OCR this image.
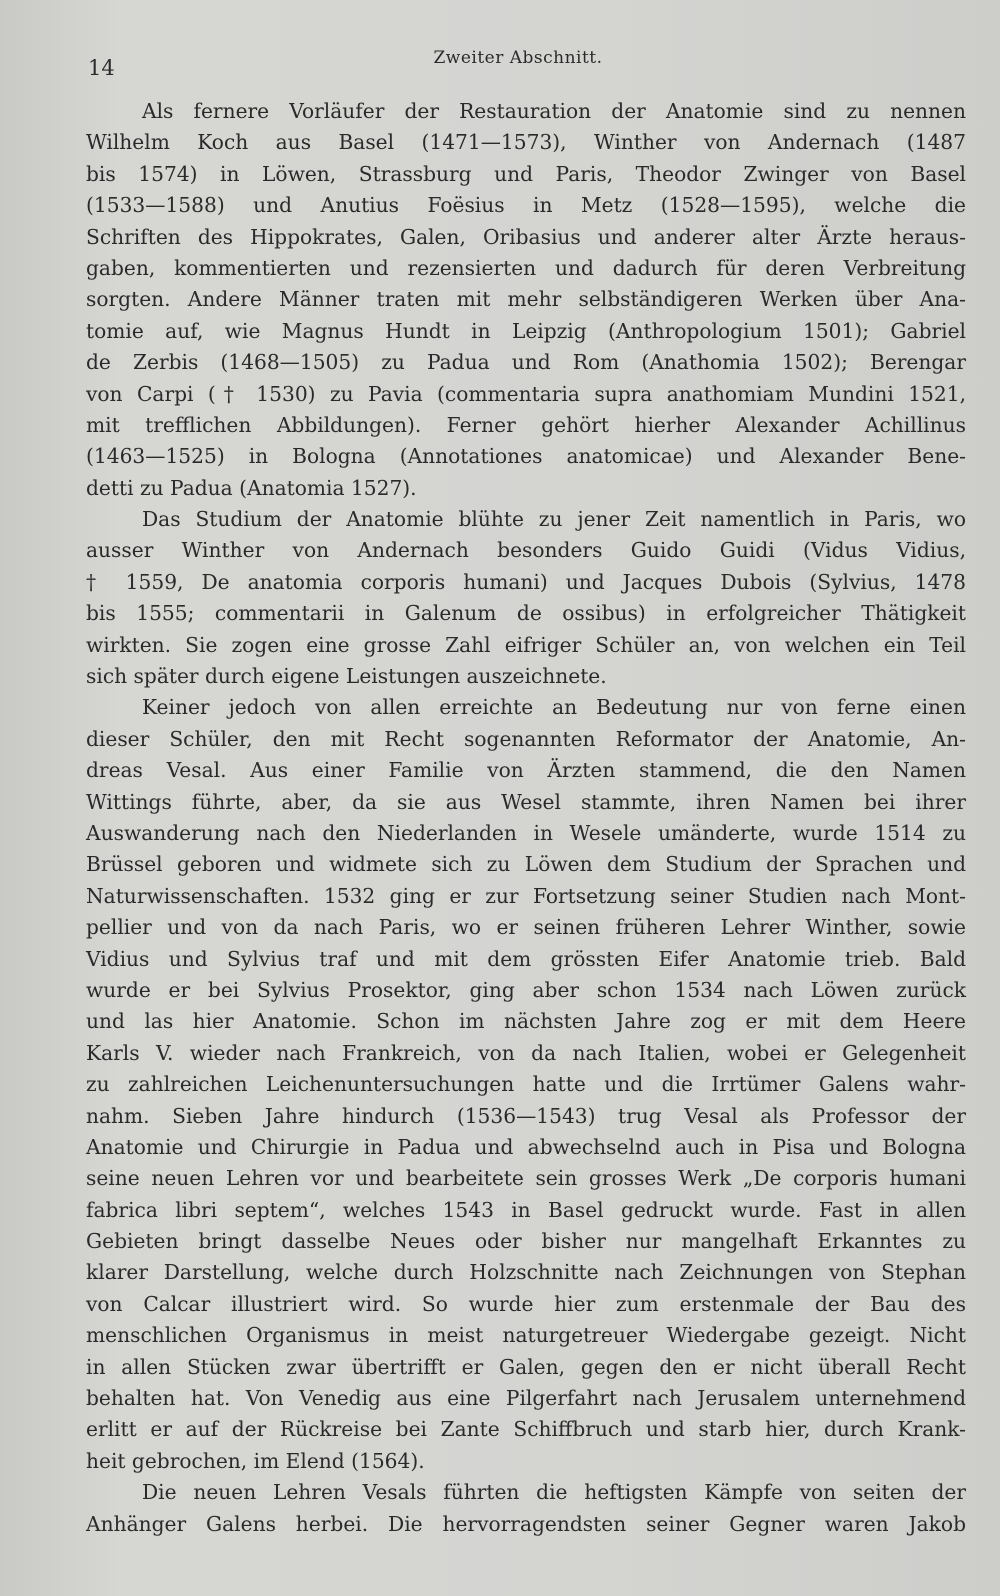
14	Zweiter Abschnitt.
Als fernere Vorläufer der Restauration der Anatomie sind zu nennen
Wilhelm Koch aus Basel (1471—1573), Winther von Andernach (1487
bis 1574) in Löwen, Strassburg und Paris, Theodor Zwinger von Basel
(1533—1588) und Anutius Foësius in Metz (1528—1595), welche die
Schriften des Hippokrates, Galen, Oribasius und anderer alter Ärzte heraus-
gaben, kommentierten und rezensierten und dadurch für deren Verbreitung
sorgten. Andere Männer traten mit mehr selbständigeren Werken über Ana-
tomie auf, wie Magnus Hundt in Leipzig (Anthropologium 1501); Gabriel
de Zerbis (1468—1505) zu Padua und Rom (Anathomia 1502); Berengar
von Carpi († 1530) zu Pavia (commentaria supra anathomiam Mundini 1521,
mit trefflichen Abbildungen). Ferner gehört hierher Alexander Achillinus
(1463—1525) in Bologna (Annotationes anatomicae) und Alexander Bene-
detti zu Padua (Anatomia 1527).
Das Studium der Anatomie blühte zu jener Zeit namentlich in Paris, wo
ausser Winther von Andernach besonders Guido Guidi (Vidus Vidius,
† 1559, De anatomia corporis humani) und Jacques Dubois (Sylvius, 1478
bis 1555; commentarii in Galenum de ossibus) in erfolgreicher Thätigkeit
wirkten. Sie zogen eine grosse Zahl eifriger Schüler an, von welchen ein Teil
sich später durch eigene Leistungen auszeichnete.
Keiner jedoch von allen erreichte an Bedeutung nur von ferne einen
dieser Schüler, den mit Recht sogenannten Reformator der Anatomie, An-
dreas Vesal. Aus einer Familie von Ärzten stammend, die den Namen
Wittings führte, aber, da sie aus Wesel stammte, ihren Namen bei ihrer
Auswanderung nach den Niederlanden in Wesele umänderte, wurde 1514 zu
Brüssel geboren und widmete sich zu Löwen dem Studium der Sprachen und
Naturwissenschaften. 1532 ging er zur Fortsetzung seiner Studien nach Mont-
pellier und von da nach Paris, wo er seinen früheren Lehrer Winther, sowie
Vidius und Sylvius traf und mit dem grössten Eifer Anatomie trieb. Bald
wurde er bei Sylvius Prosektor, ging aber schon 1534 nach Löwen zurück
und las hier Anatomie. Schon im nächsten Jahre zog er mit dem Heere
Karls V. wieder nach Frankreich, von da nach Italien, wobei er Gelegenheit
zu zahlreichen Leichenuntersuchungen hatte und die Irrtümer Galens wahr-
nahm. Sieben Jahre hindurch (1536—1543) trug Vesal als Professor der
Anatomie und Chirurgie in Padua und abwechselnd auch in Pisa und Bologna
seine neuen Lehren vor und bearbeitete sein grosses Werk „De corporis humani
fabrica libri septem“, welches 1543 in Basel gedruckt wurde. Fast in allen
Gebieten bringt dasselbe Neues oder bisher nur mangelhaft Erkanntes zu
klarer Darstellung, welche durch Holzschnitte nach Zeichnungen von Stephan
von Calcar illustriert wird. So wurde hier zum erstenmale der Bau des
menschlichen Organismus in meist naturgetreuer Wiedergabe gezeigt. Nicht
in allen Stücken zwar übertrifft er Galen, gegen den er nicht überall Recht
behalten hat. Von Venedig aus eine Pilgerfahrt nach Jerusalem unternehmend
erlitt er auf der Rückreise bei Zante Schiffbruch und starb hier, durch Krank-
heit gebrochen, im Elend (1564).
Die neuen Lehren Vesals führten die heftigsten Kämpfe von seiten der
Anhänger Galens herbei. Die hervorragendsten seiner Gegner waren Jakob
